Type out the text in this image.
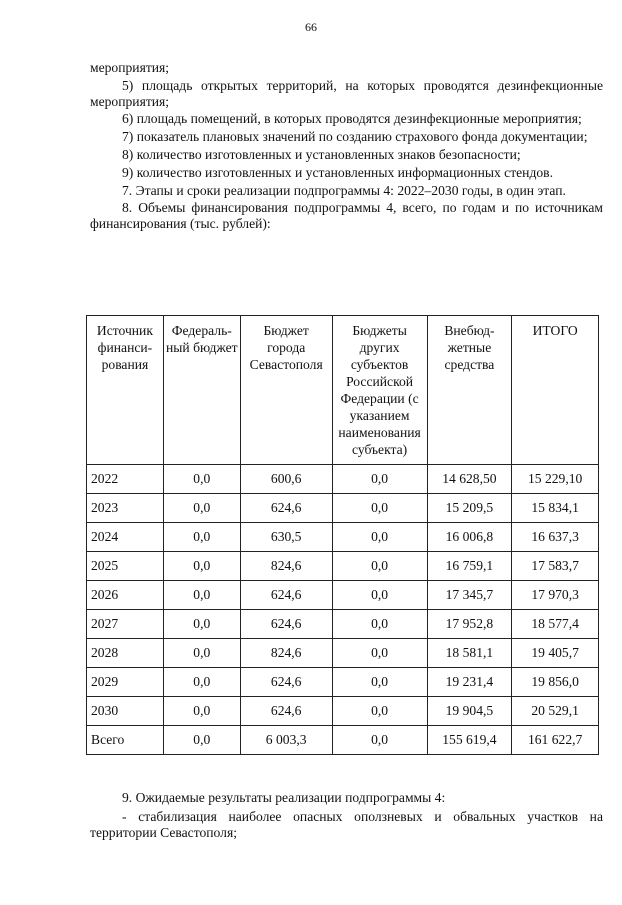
66

мероприятия;

5) площадь открытых территорий, на которых проводятся дезинфекционные мероприятия;

6) площадь помещений, в которых проводятся дезинфекционные мероприятия;

7) показатель плановых значений по созданию страхового фонда документации;

8) количество изготовленных и установленных знаков безопасности;

9) количество изготовленных и установленных информационных стендов.

7. Этапы и сроки реализации подпрограммы 4: 2022–2030 годы, в один этап.

8. Объемы финансирования подпрограммы 4, всего, по годам и по источникам финансирования (тыс. рублей):

Источник финанси-рования	Федераль-ный бюджет	Бюджет города Севастополя	Бюджеты других субъектов Российской Федерации (с указанием наименования субъекта)	Внебюд-жетные средства	ИТОГО
2022	0,0	600,6	0,0	14 628,50	15 229,10
2023	0,0	624,6	0,0	15 209,5	15 834,1
2024	0,0	630,5	0,0	16 006,8	16 637,3
2025	0,0	824,6	0,0	16 759,1	17 583,7
2026	0,0	624,6	0,0	17 345,7	17 970,3
2027	0,0	624,6	0,0	17 952,8	18 577,4
2028	0,0	824,6	0,0	18 581,1	19 405,7
2029	0,0	624,6	0,0	19 231,4	19 856,0
2030	0,0	624,6	0,0	19 904,5	20 529,1
Всего	0,0	6 003,3	0,0	155 619,4	161 622,7

9. Ожидаемые результаты реализации подпрограммы 4:

- стабилизация наиболее опасных оползневых и обвальных участков на территории Севастополя;
